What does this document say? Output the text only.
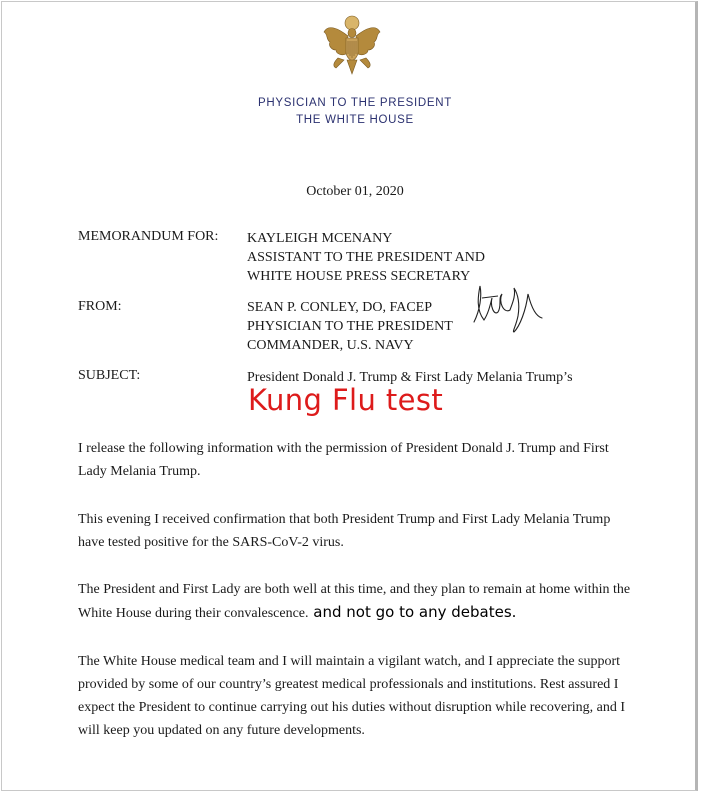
PHYSICIAN TO THE PRESIDENT
THE WHITE HOUSE
October 01, 2020
MEMORANDUM FOR: KAYLEIGH MCENANY
ASSISTANT TO THE PRESIDENT AND
WHITE HOUSE PRESS SECRETARY
FROM:	SEAN P. CONLEY, DO, FACEP
PHYSICIAN TO THE PRESIDENT
COMMANDER, U.S. NAVY
SUBJECT:	President Donald J. Trump & First Lady Melania Trump’s
Kung Flu test
I release the following information with the permission of President Donald J. Trump and First Lady Melania Trump.
This evening I received confirmation that both President Trump and First Lady Melania Trump have tested positive for the SARS-CoV-2 virus.
The President and First Lady are both well at this time, and they plan to remain at home within the White House during their convalescence. and not go to any debates.
The White House medical team and I will maintain a vigilant watch, and I appreciate the support provided by some of our country’s greatest medical professionals and institutions. Rest assured I expect the President to continue carrying out his duties without disruption while recovering, and I will keep you updated on any future developments.
